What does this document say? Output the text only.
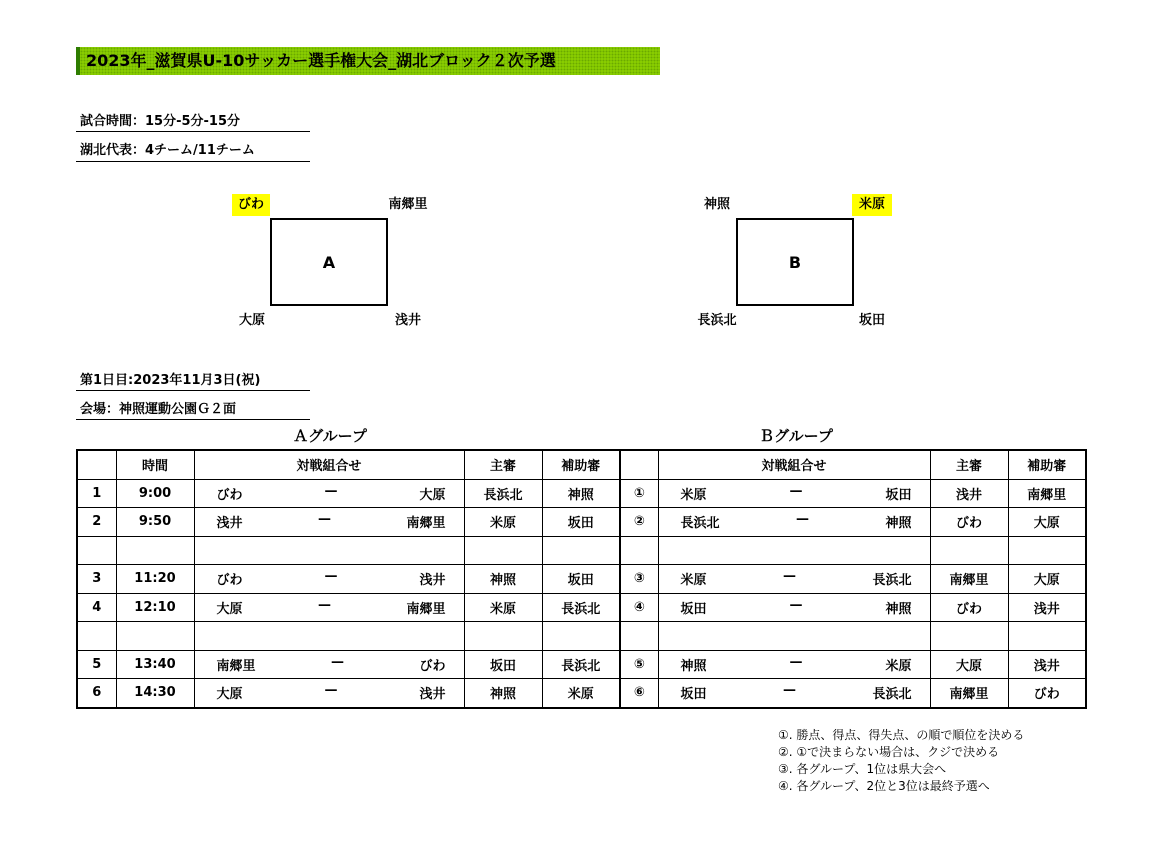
2023年_滋賀県U-10サッカー選手権大会_湖北ブロック２次予選
試合時間：15分-5分-15分
湖北代表：4チーム/11チーム
びわ	南郷里
A
大原	浅井
神照	米原
B
長浜北	坂田
第1日目:2023年11月3日(祝)
会場：神照運動公園Ｇ２面
Ａグループ	Ｂグループ
	時間	対戦組合せ	主審	補助審		対戦組合せ	主審	補助審
1	9:00	びわ — 大原	長浜北	神照	①	米原 — 坂田	浅井	南郷里
2	9:50	浅井 — 南郷里	米原	坂田	②	長浜北 — 神照	びわ	大原

3	11:20	びわ — 浅井	神照	坂田	③	米原 — 長浜北	南郷里	大原
4	12:10	大原 — 南郷里	米原	長浜北	④	坂田 — 神照	びわ	浅井

5	13:40	南郷里 — びわ	坂田	長浜北	⑤	神照 — 米原	大原	浅井
6	14:30	大原 — 浅井	神照	米原	⑥	坂田 — 長浜北	南郷里	びわ
①. 勝点、得点、得失点、の順で順位を決める
②. ①で決まらない場合は、クジで決める
③. 各グループ、1位は県大会へ
④. 各グループ、2位と3位は最終予選へ
